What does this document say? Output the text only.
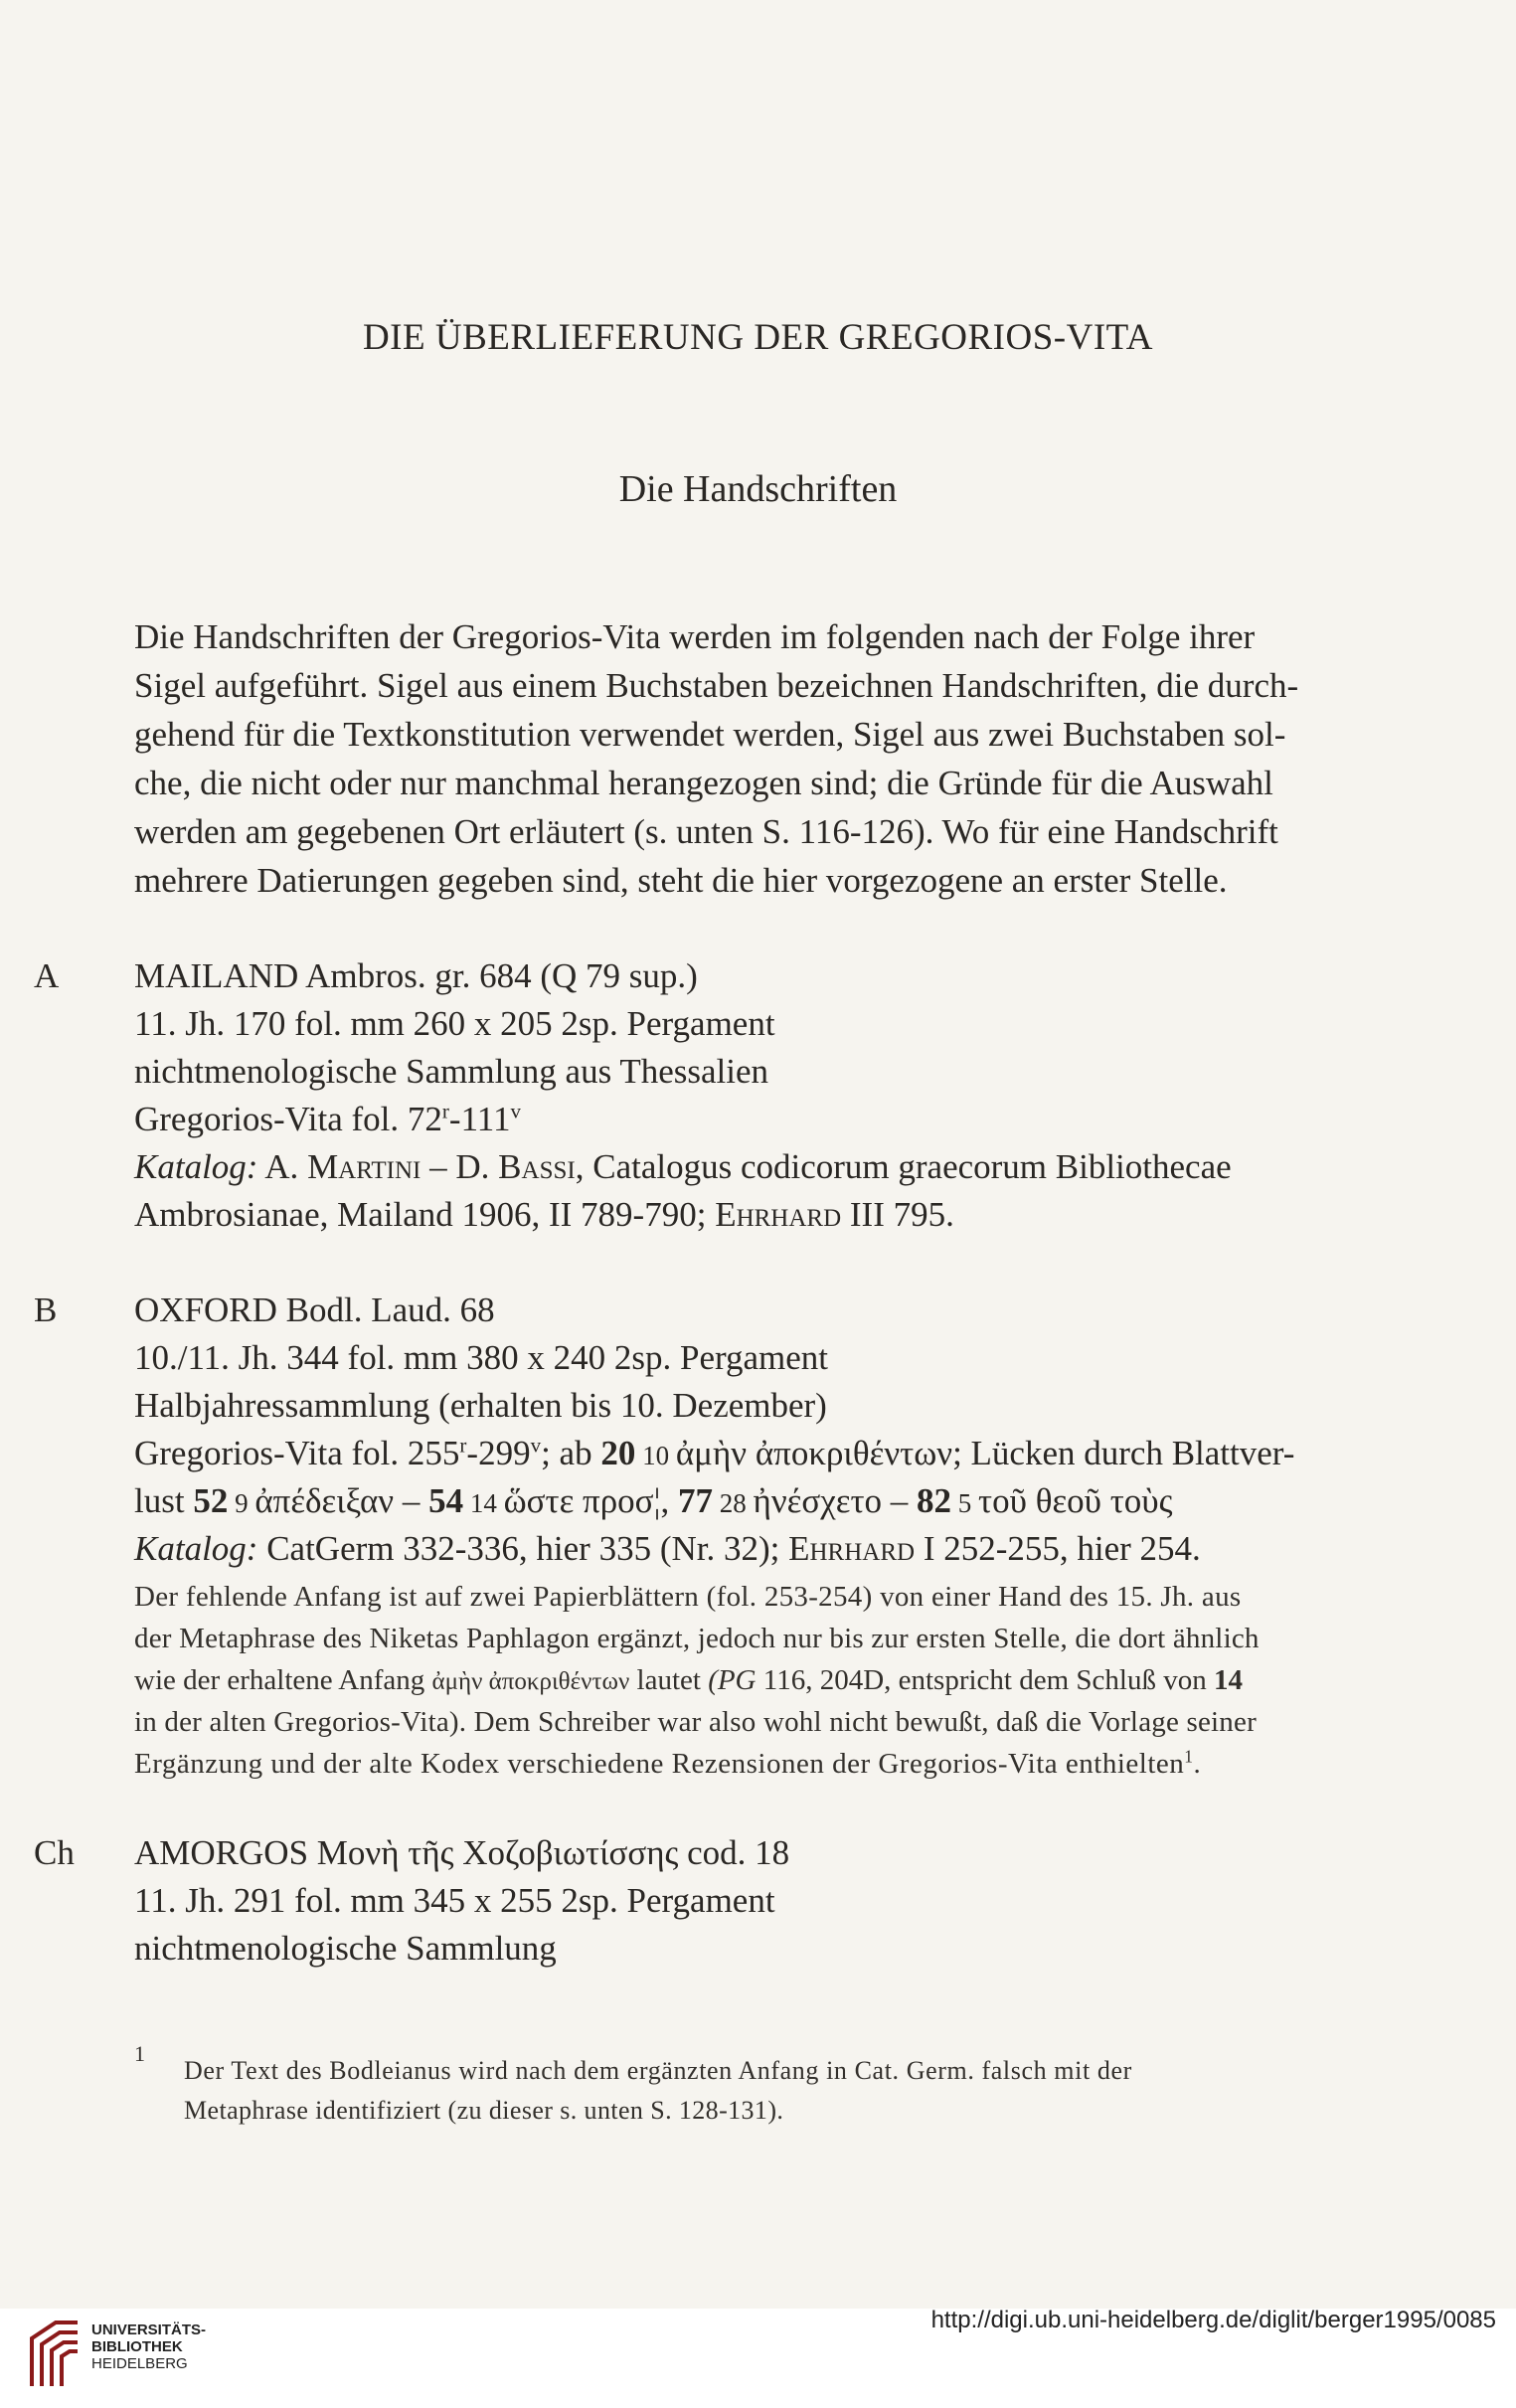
DIE ÜBERLIEFERUNG DER GREGORIOS-VITA
Die Handschriften
Die Handschriften der Gregorios-Vita werden im folgenden nach der Folge ihrer
Sigel aufgeführt. Sigel aus einem Buchstaben bezeichnen Handschriften, die durch-
gehend für die Textkonstitution verwendet werden, Sigel aus zwei Buchstaben sol-
che, die nicht oder nur manchmal herangezogen sind; die Gründe für die Auswahl
werden am gegebenen Ort erläutert (s. unten S. 116-126). Wo für eine Handschrift
mehrere Datierungen gegeben sind, steht die hier vorgezogene an erster Stelle.
A MAILAND Ambros. gr. 684 (Q 79 sup.)
11. Jh. 170 fol. mm 260 x 205 2sp. Pergament
nichtmenologische Sammlung aus Thessalien
Gregorios-Vita fol. 72$^r$-111$^v$
Katalog: A. Martini – D. Bassi, Catalogus codicorum graecorum Bibliothecae
Ambrosianae, Mailand 1906, II 789-790; Ehrhard III 795.
B OXFORD Bodl. Laud. 68
10./11. Jh. 344 fol. mm 380 x 240 2sp. Pergament
Halbjahressammlung (erhalten bis 10. Dezember)
Gregorios-Vita fol. 255$^r$-299$^v$; ab 20 10 ἀμὴν ἀποκριθέντων; Lücken durch Blattver-
lust 52 9 ἀπέδειξαν – 54 14 ὥστε προσ¦, 77 28 ἠνέσχετο – 82 5 τοῦ θεοῦ τοὺς
Katalog: CatGerm 332-336, hier 335 (Nr. 32); Ehrhard I 252-255, hier 254.
Der fehlende Anfang ist auf zwei Papierblättern (fol. 253-254) von einer Hand des 15. Jh. aus
der Metaphrase des Niketas Paphlagon ergänzt, jedoch nur bis zur ersten Stelle, die dort ähnlich
wie der erhaltene Anfang ἀμὴν ἀποκριθέντων lautet (PG 116, 204D, entspricht dem Schluß von 14
in der alten Gregorios-Vita). Dem Schreiber war also wohl nicht bewußt, daß die Vorlage seiner
Ergänzung und der alte Kodex verschiedene Rezensionen der Gregorios-Vita enthielten$^1$.
Ch AMORGOS Μονὴ τῆς Χοζοβιωτίσσης cod. 18
11. Jh. 291 fol. mm 345 x 255 2sp. Pergament
nichtmenologische Sammlung
1
Der Text des Bodleianus wird nach dem ergänzten Anfang in Cat. Germ. falsch mit der
Metaphrase identifiziert (zu dieser s. unten S. 128-131).
UNIVERSITÄTS-
BIBLIOTHEK
HEIDELBERG
http://digi.ub.uni-heidelberg.de/diglit/berger1995/0085
